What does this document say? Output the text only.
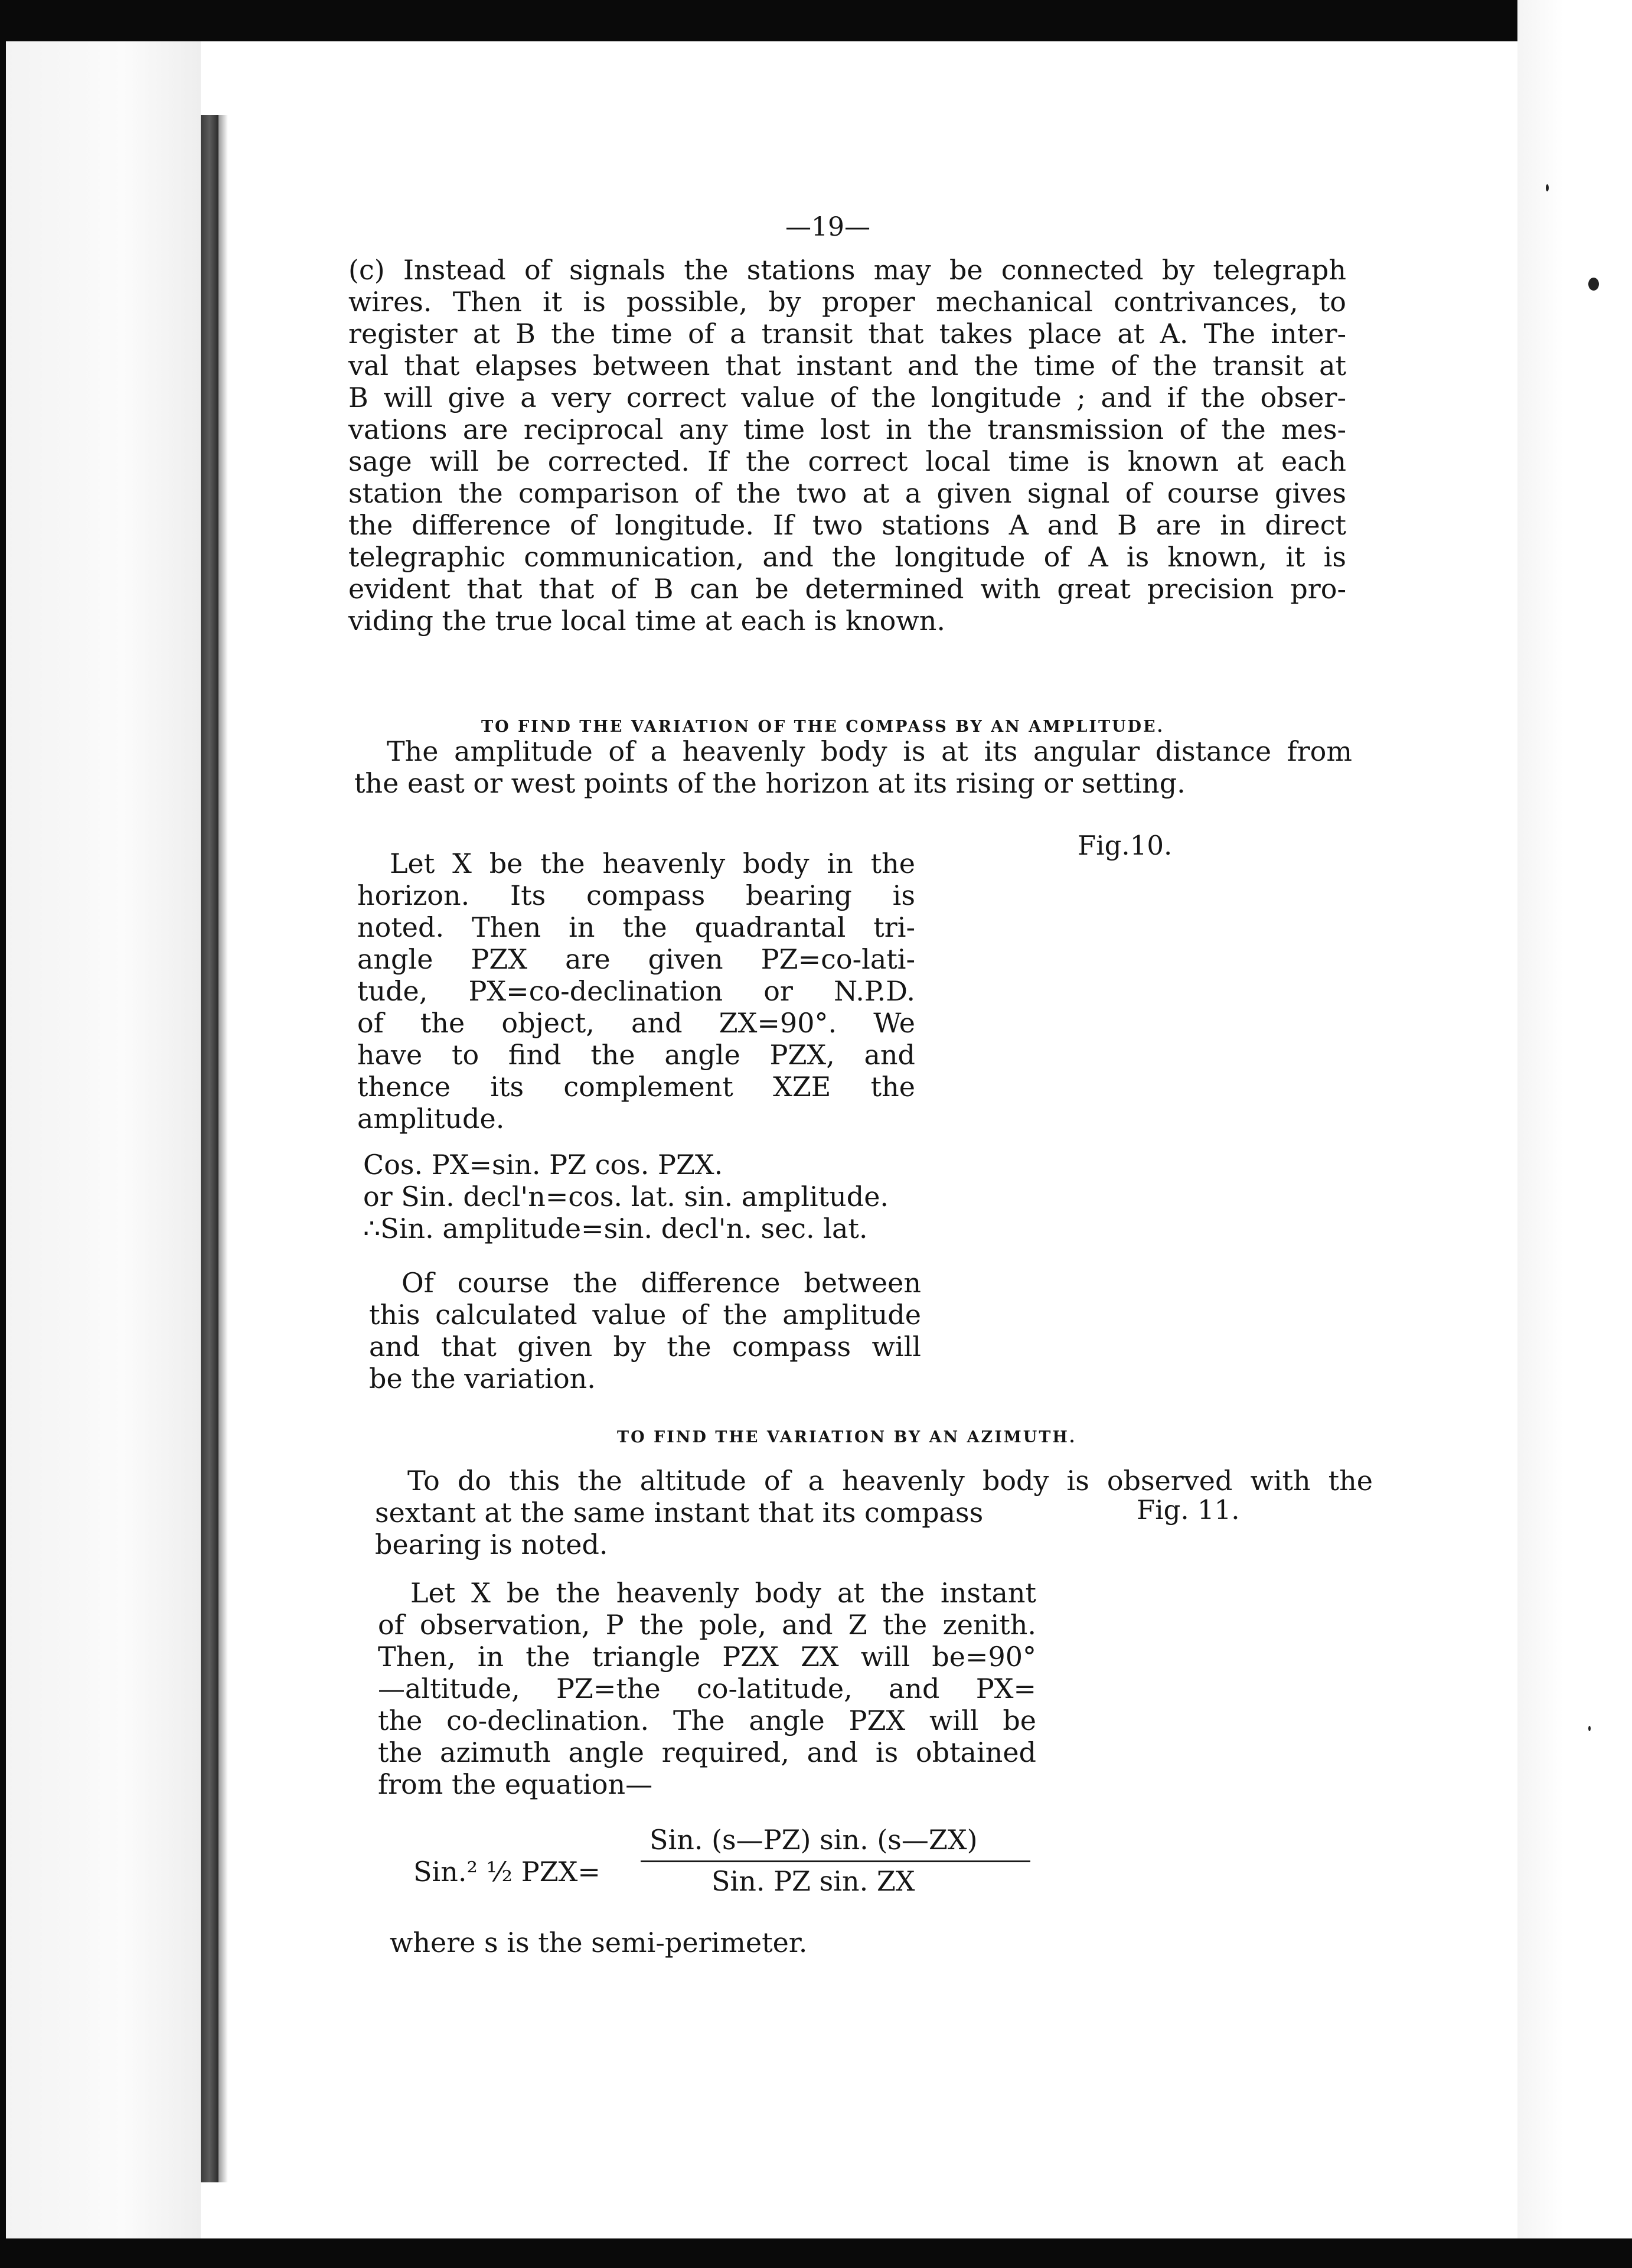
—19—

(c) Instead of signals the stations may be connected by telegraph
wires. Then it is possible, by proper mechanical contrivances, to
register at B the time of a transit that takes place at A. The inter-
val that elapses between that instant and the time of the transit at
B will give a very correct value of the longitude ; and if the obser-
vations are reciprocal any time lost in the transmission of the mes-
sage will be corrected. If the correct local time is known at each
station the comparison of the two at a given signal of course gives
the difference of longitude. If two stations A and B are in direct
telegraphic communication, and the longitude of A is known, it is
evident that that of B can be determined with great precision pro-
viding the true local time at each is known.

TO FIND THE VARIATION OF THE COMPASS BY AN AMPLITUDE.

The amplitude of a heavenly body is at its angular distance from
the east or west points of the horizon at its rising or setting.

Fig.10.

Let X be the heavenly body in the
horizon. Its compass bearing is
noted. Then in the quadrantal tri-
angle PZX are given PZ=co-lati-
tude, PX=co-declination or N.P.D.
of the object, and ZX=90°. We
have to find the angle PZX, and
thence its complement XZE the
amplitude.
Cos. PX=sin. PZ cos. PZX.
or Sin. decl'n=cos. lat. sin. amplitude.
∴Sin. amplitude=sin. decl'n. sec. lat.
Of course the difference between
this calculated value of the amplitude
and that given by the compass will
be the variation.

TO FIND THE VARIATION BY AN AZIMUTH.

To do this the altitude of a heavenly body is observed with the
sextant at the same instant that its compass
bearing is noted.

Fig. 11.

Let X be the heavenly body at the instant
of observation, P the pole, and Z the zenith.
Then, in the triangle PZX ZX will be=90°
—altitude, PZ=the co-latitude, and PX=
the co-declination. The angle PZX will be
the azimuth angle required, and is obtained
from the equation—
Sin.² ½ PZX=
Sin. (s—PZ) sin. (s—ZX)
Sin. PZ sin. ZX

where s is the semi-perimeter.
